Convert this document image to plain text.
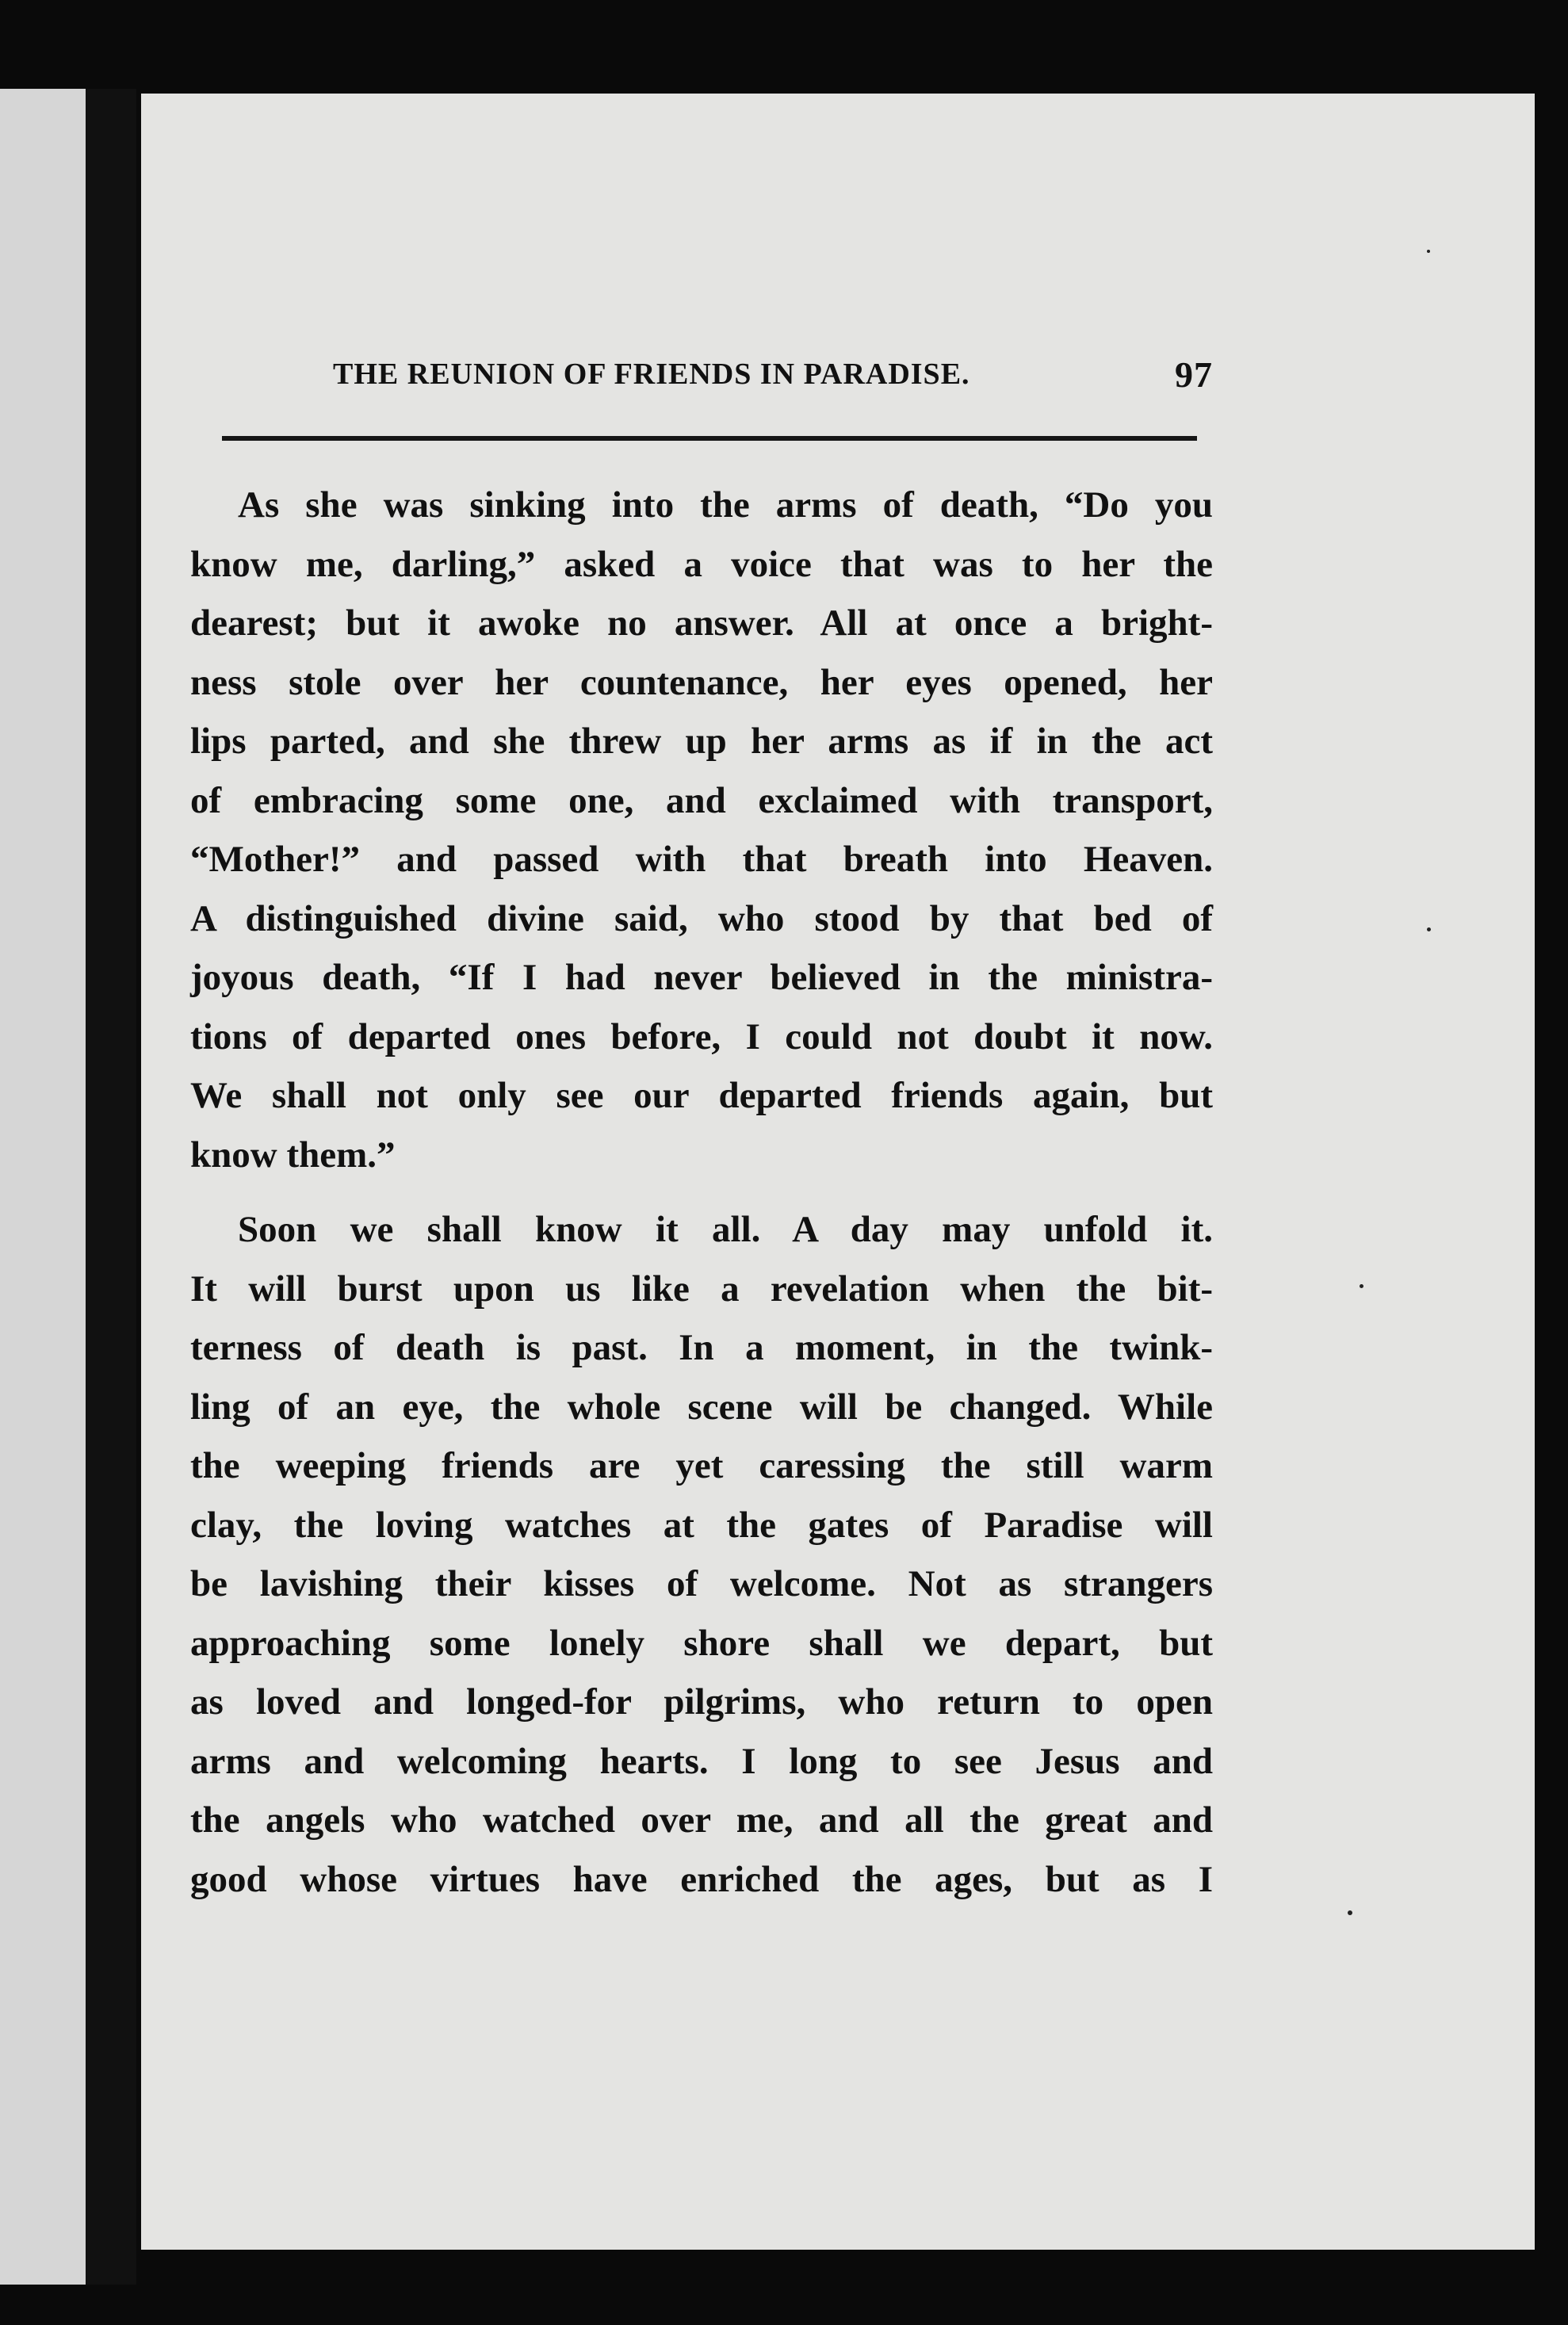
THE REUNION OF FRIENDS IN PARADISE.	97
As she was sinking into the arms of death, “Do you
know me, darling,” asked a voice that was to her the
dearest; but it awoke no answer. All at once a bright-
ness stole over her countenance, her eyes opened, her
lips parted, and she threw up her arms as if in the act
of embracing some one, and exclaimed with transport,
“Mother!” and passed with that breath into Heaven.
A distinguished divine said, who stood by that bed of
joyous death, “If I had never believed in the ministra-
tions of departed ones before, I could not doubt it now.
We shall not only see our departed friends again, but
know them.”
Soon we shall know it all. A day may unfold it.
It will burst upon us like a revelation when the bit-
terness of death is past. In a moment, in the twink-
ling of an eye, the whole scene will be changed. While
the weeping friends are yet caressing the still warm
clay, the loving watches at the gates of Paradise will
be lavishing their kisses of welcome. Not as strangers
approaching some lonely shore shall we depart, but
as loved and longed-for pilgrims, who return to open
arms and welcoming hearts. I long to see Jesus and
the angels who watched over me, and all the great and
good whose virtues have enriched the ages, but as I
